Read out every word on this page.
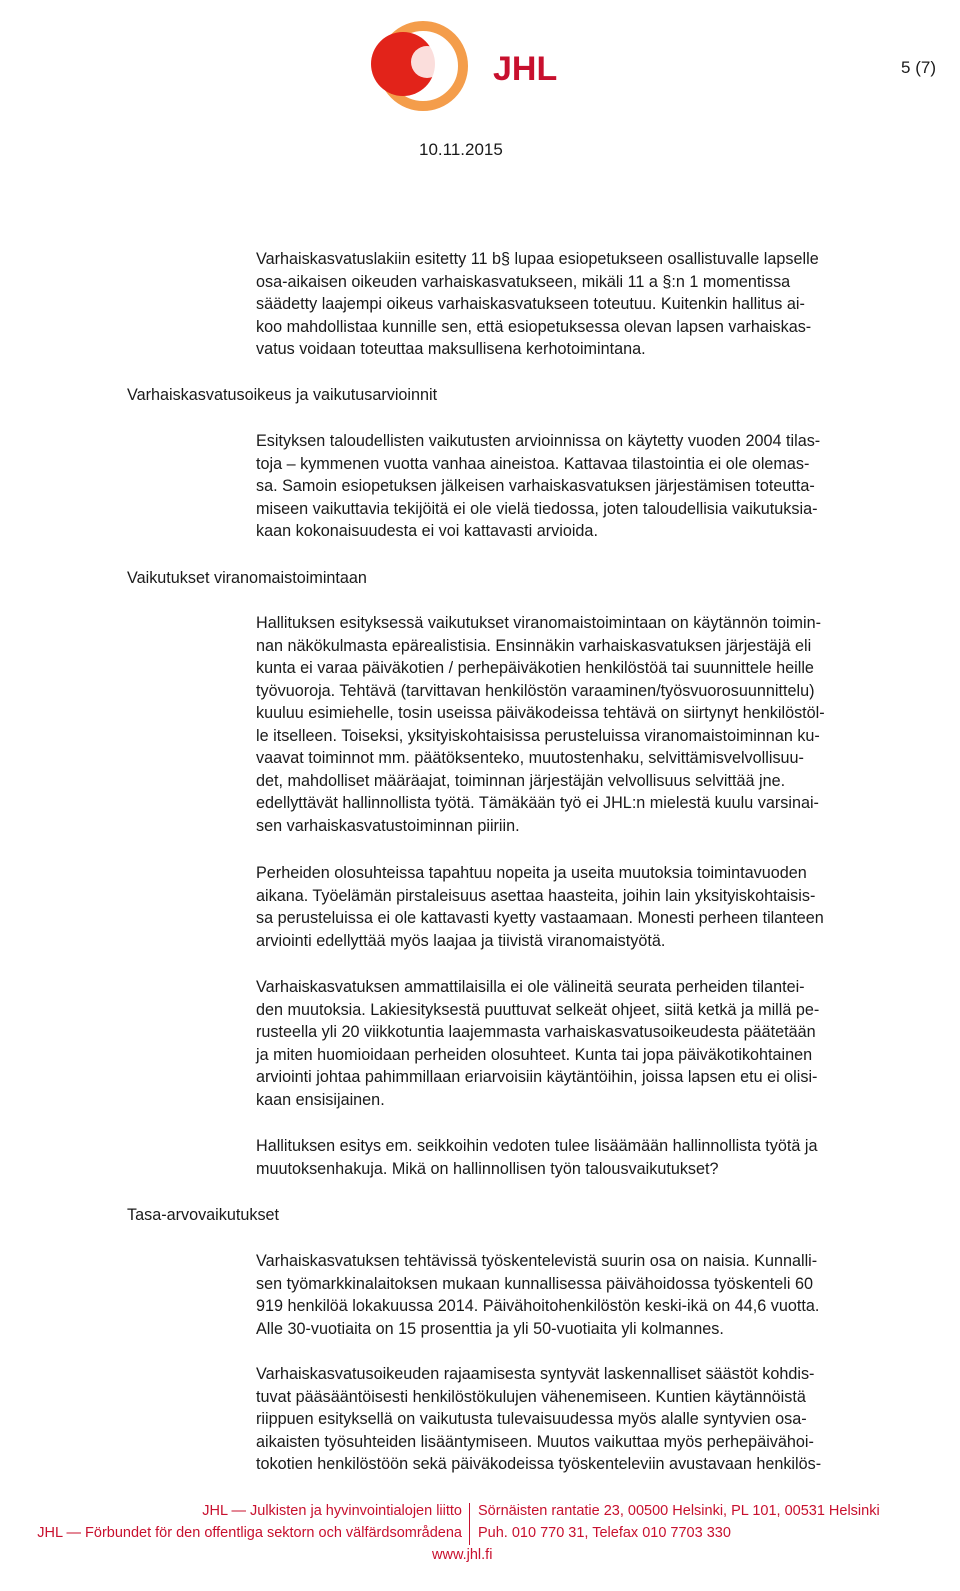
JHL	5 (7)
10.11.2015
Varhaiskasvatuslakiin esitetty 11 b§ lupaa esiopetukseen osallistuvalle lapselle
osa-aikaisen oikeuden varhaiskasvatukseen, mikäli 11 a §:n 1 momentissa
säädetty laajempi oikeus varhaiskasvatukseen toteutuu. Kuitenkin hallitus ai-
koo mahdollistaa kunnille sen, että esiopetuksessa olevan lapsen varhaiskas-
vatus voidaan toteuttaa maksullisena kerhotoimintana.
Varhaiskasvatusoikeus ja vaikutusarvioinnit
Esityksen taloudellisten vaikutusten arvioinnissa on käytetty vuoden 2004 tilas-
toja – kymmenen vuotta vanhaa aineistoa. Kattavaa tilastointia ei ole olemas-
sa. Samoin esiopetuksen jälkeisen varhaiskasvatuksen järjestämisen toteutta-
miseen vaikuttavia tekijöitä ei ole vielä tiedossa, joten taloudellisia vaikutuksia-
kaan kokonaisuudesta ei voi kattavasti arvioida.
Vaikutukset viranomaistoimintaan
Hallituksen esityksessä vaikutukset viranomaistoimintaan on käytännön toimin-
nan näkökulmasta epärealistisia. Ensinnäkin varhaiskasvatuksen järjestäjä eli
kunta ei varaa päiväkotien / perhepäiväkotien henkilöstöä tai suunnittele heille
työvuoroja. Tehtävä (tarvittavan henkilöstön varaaminen/työsvuorosuunnittelu)
kuuluu esimiehelle, tosin useissa päiväkodeissa tehtävä on siirtynyt henkilöstöl-
le itselleen. Toiseksi, yksityiskohtaisissa perusteluissa viranomaistoiminnan ku-
vaavat toiminnot mm. päätöksenteko, muutostenhaku, selvittämisvelvollisuu-
det, mahdolliset määräajat, toiminnan järjestäjän velvollisuus selvittää jne.
edellyttävät hallinnollista työtä. Tämäkään työ ei JHL:n mielestä kuulu varsinai-
sen varhaiskasvatustoiminnan piiriin.
Perheiden olosuhteissa tapahtuu nopeita ja useita muutoksia toimintavuoden
aikana. Työelämän pirstaleisuus asettaa haasteita, joihin lain yksityiskohtaisis-
sa perusteluissa ei ole kattavasti kyetty vastaamaan. Monesti perheen tilanteen
arviointi edellyttää myös laajaa ja tiivistä viranomaistyötä.
Varhaiskasvatuksen ammattilaisilla ei ole välineitä seurata perheiden tilantei-
den muutoksia. Lakiesityksestä puuttuvat selkeät ohjeet, siitä ketkä ja millä pe-
rusteella yli 20 viikkotuntia laajemmasta varhaiskasvatusoikeudesta päätetään
ja miten huomioidaan perheiden olosuhteet. Kunta tai jopa päiväkotikohtainen
arviointi johtaa pahimmillaan eriarvoisiin käytäntöihin, joissa lapsen etu ei olisi-
kaan ensisijainen.
Hallituksen esitys em. seikkoihin vedoten tulee lisäämään hallinnollista työtä ja
muutoksenhakuja. Mikä on hallinnollisen työn talousvaikutukset?
Tasa-arvovaikutukset
Varhaiskasvatuksen tehtävissä työskentelevistä suurin osa on naisia. Kunnalli-
sen työmarkkinalaitoksen mukaan kunnallisessa päivähoidossa työskenteli 60
919 henkilöä lokakuussa 2014. Päivähoitohenkilöstön keski-ikä on 44,6 vuotta.
Alle 30-vuotiaita on 15 prosenttia ja yli 50-vuotiaita yli kolmannes.
Varhaiskasvatusoikeuden rajaamisesta syntyvät laskennalliset säästöt kohdis-
tuvat pääsääntöisesti henkilöstökulujen vähenemiseen. Kuntien käytännöistä
riippuen esityksellä on vaikutusta tulevaisuudessa myös alalle syntyvien osa-
aikaisten työsuhteiden lisääntymiseen. Muutos vaikuttaa myös perhepäivähoi-
tokotien henkilöstöön sekä päiväkodeissa työskenteleviin avustavaan henkilös-
JHL — Julkisten ja hyvinvointialojen liitto
JHL — Förbundet för den offentliga sektorn och välfärdsområdena
Sörnäisten rantatie 23, 00500 Helsinki, PL 101, 00531 Helsinki
Puh. 010 770 31, Telefax 010 7703 330
www.jhl.fi
